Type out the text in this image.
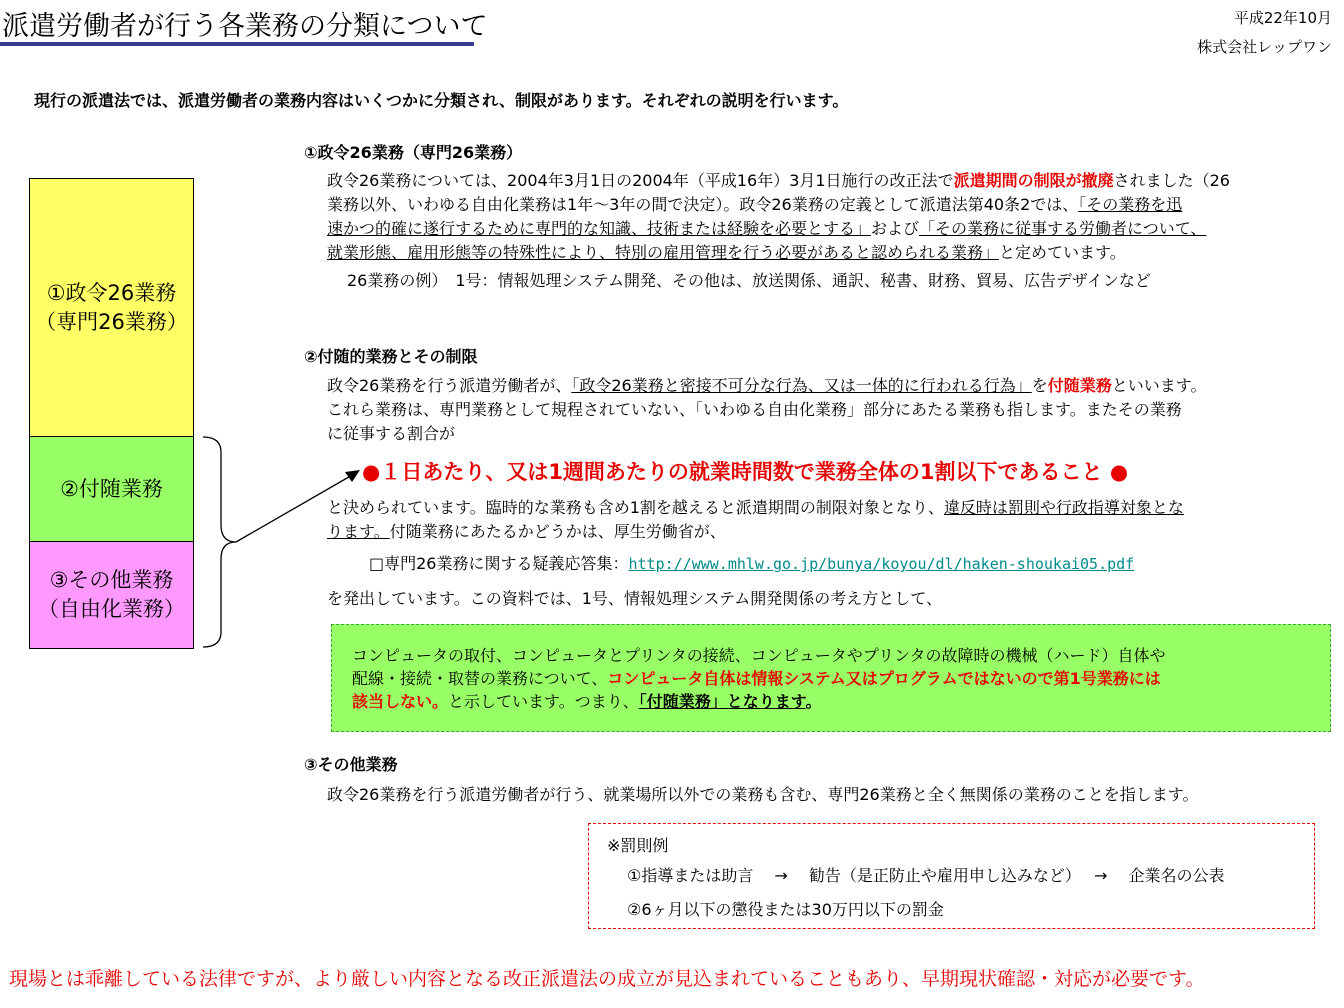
派遣労働者が行う各業務の分類について	平成22年10月
株式会社レップワン
現行の派遣法では、派遣労働者の業務内容はいくつかに分類され、制限があります。それぞれの説明を行います。
①政令26業務
（専門26業務）
②付随業務
③その他業務
（自由化業務）
①政令26業務（専門26業務）
政令26業務については、2004年3月1日の2004年（平成16年）3月1日施行の改正法で派遣期間の制限が撤廃されました（26
業務以外、いわゆる自由化業務は1年～3年の間で決定）。政令26業務の定義として派遣法第40条2では、「その業務を迅
速かつ的確に遂行するために専門的な知識、技術または経験を必要とする」および「その業務に従事する労働者について、
就業形態、雇用形態等の特殊性により、特別の雇用管理を行う必要があると認められる業務」と定めています。
26業務の例）　1号：情報処理システム開発、その他は、放送関係、通訳、秘書、財務、貿易、広告デザインなど
②付随的業務とその制限
政令26業務を行う派遣労働者が、「政令26業務と密接不可分な行為、又は一体的に行われる行為」を付随業務といいます。
これら業務は、専門業務として規程されていない、「いわゆる自由化業務」部分にあたる業務も指します。またその業務
に従事する割合が
●１日あたり、又は1週間あたりの就業時間数で業務全体の1割以下であること ●
と決められています。臨時的な業務も含め1割を越えると派遣期間の制限対象となり、違反時は罰則や行政指導対象とな
ります。付随業務にあたるかどうかは、厚生労働省が、
□専門26業務に関する疑義応答集：http://www.mhlw.go.jp/bunya/koyou/dl/haken-shoukai05.pdf
を発出しています。この資料では、1号、情報処理システム開発関係の考え方として、
コンピュータの取付、コンピュータとプリンタの接続、コンピュータやプリンタの故障時の機械（ハード）自体や
配線・接続・取替の業務について、コンピュータ自体は情報システム又はプログラムではないので第1号業務には
該当しない。と示しています。つまり、「付随業務」となります。
③その他業務
政令26業務を行う派遣労働者が行う、就業場所以外での業務も含む、専門26業務と全く無関係の業務のことを指します。
※罰則例
①指導または助言　 →　 勧告（是正防止や雇用申し込みなど）　 →　 企業名の公表
②6ヶ月以下の懲役または30万円以下の罰金
現場とは乖離している法律ですが、より厳しい内容となる改正派遣法の成立が見込まれていることもあり、早期現状確認・対応が必要です。
